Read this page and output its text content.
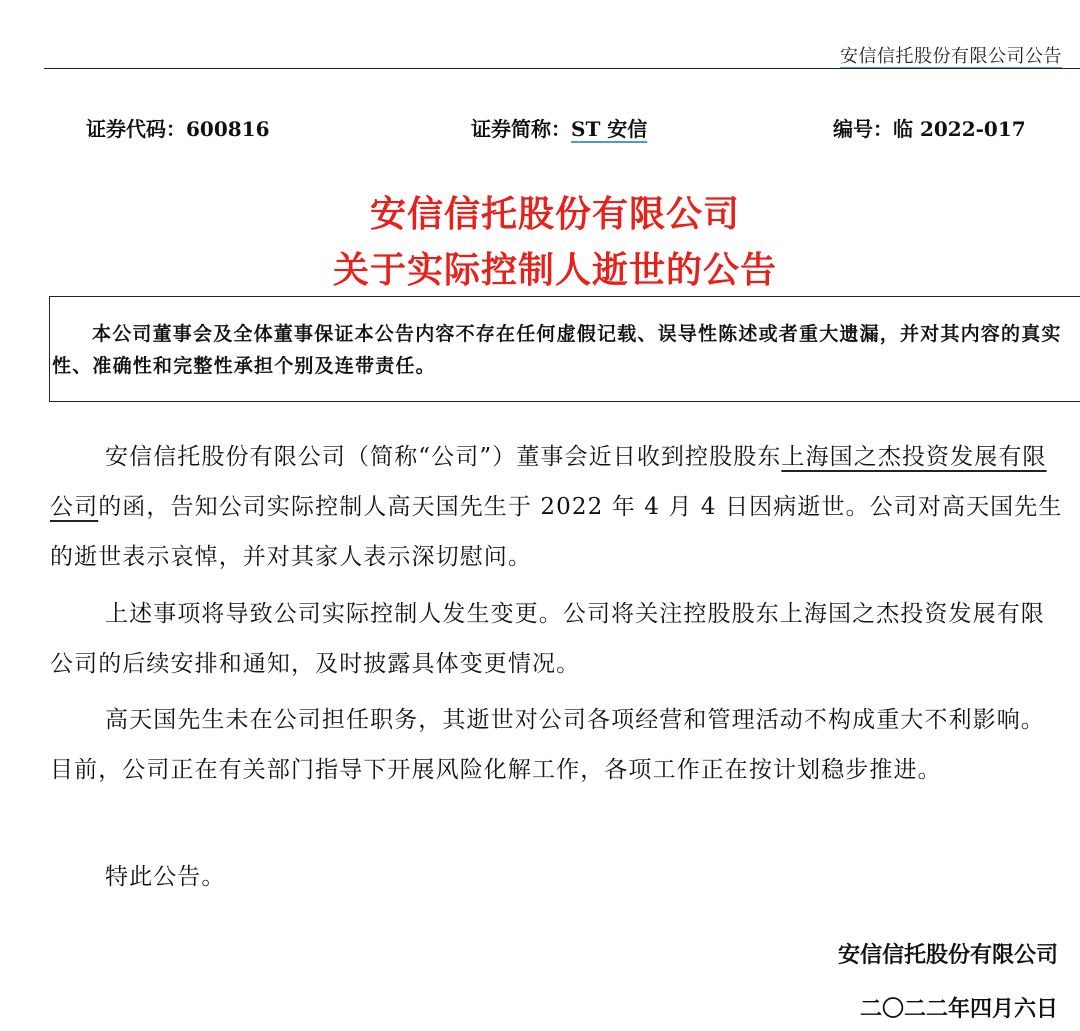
安信信托股份有限公司公告
证券代码：600816	证券简称：ST 安信	编号：临 2022-017
安信信托股份有限公司
关于实际控制人逝世的公告
本公司董事会及全体董事保证本公告内容不存在任何虚假记载、误导性陈述或者重大遗漏，并对其内容的真实性、准确性和完整性承担个别及连带责任。
安信信托股份有限公司（简称“公司”）董事会近日收到控股股东上海国之杰投资发展有限公司的函，告知公司实际控制人高天国先生于 2022 年 4 月 4 日因病逝世。公司对高天国先生的逝世表示哀悼，并对其家人表示深切慰问。
上述事项将导致公司实际控制人发生变更。公司将关注控股股东上海国之杰投资发展有限公司的后续安排和通知，及时披露具体变更情况。
高天国先生未在公司担任职务，其逝世对公司各项经营和管理活动不构成重大不利影响。目前，公司正在有关部门指导下开展风险化解工作，各项工作正在按计划稳步推进。
特此公告。
安信信托股份有限公司
二〇二二年四月六日
